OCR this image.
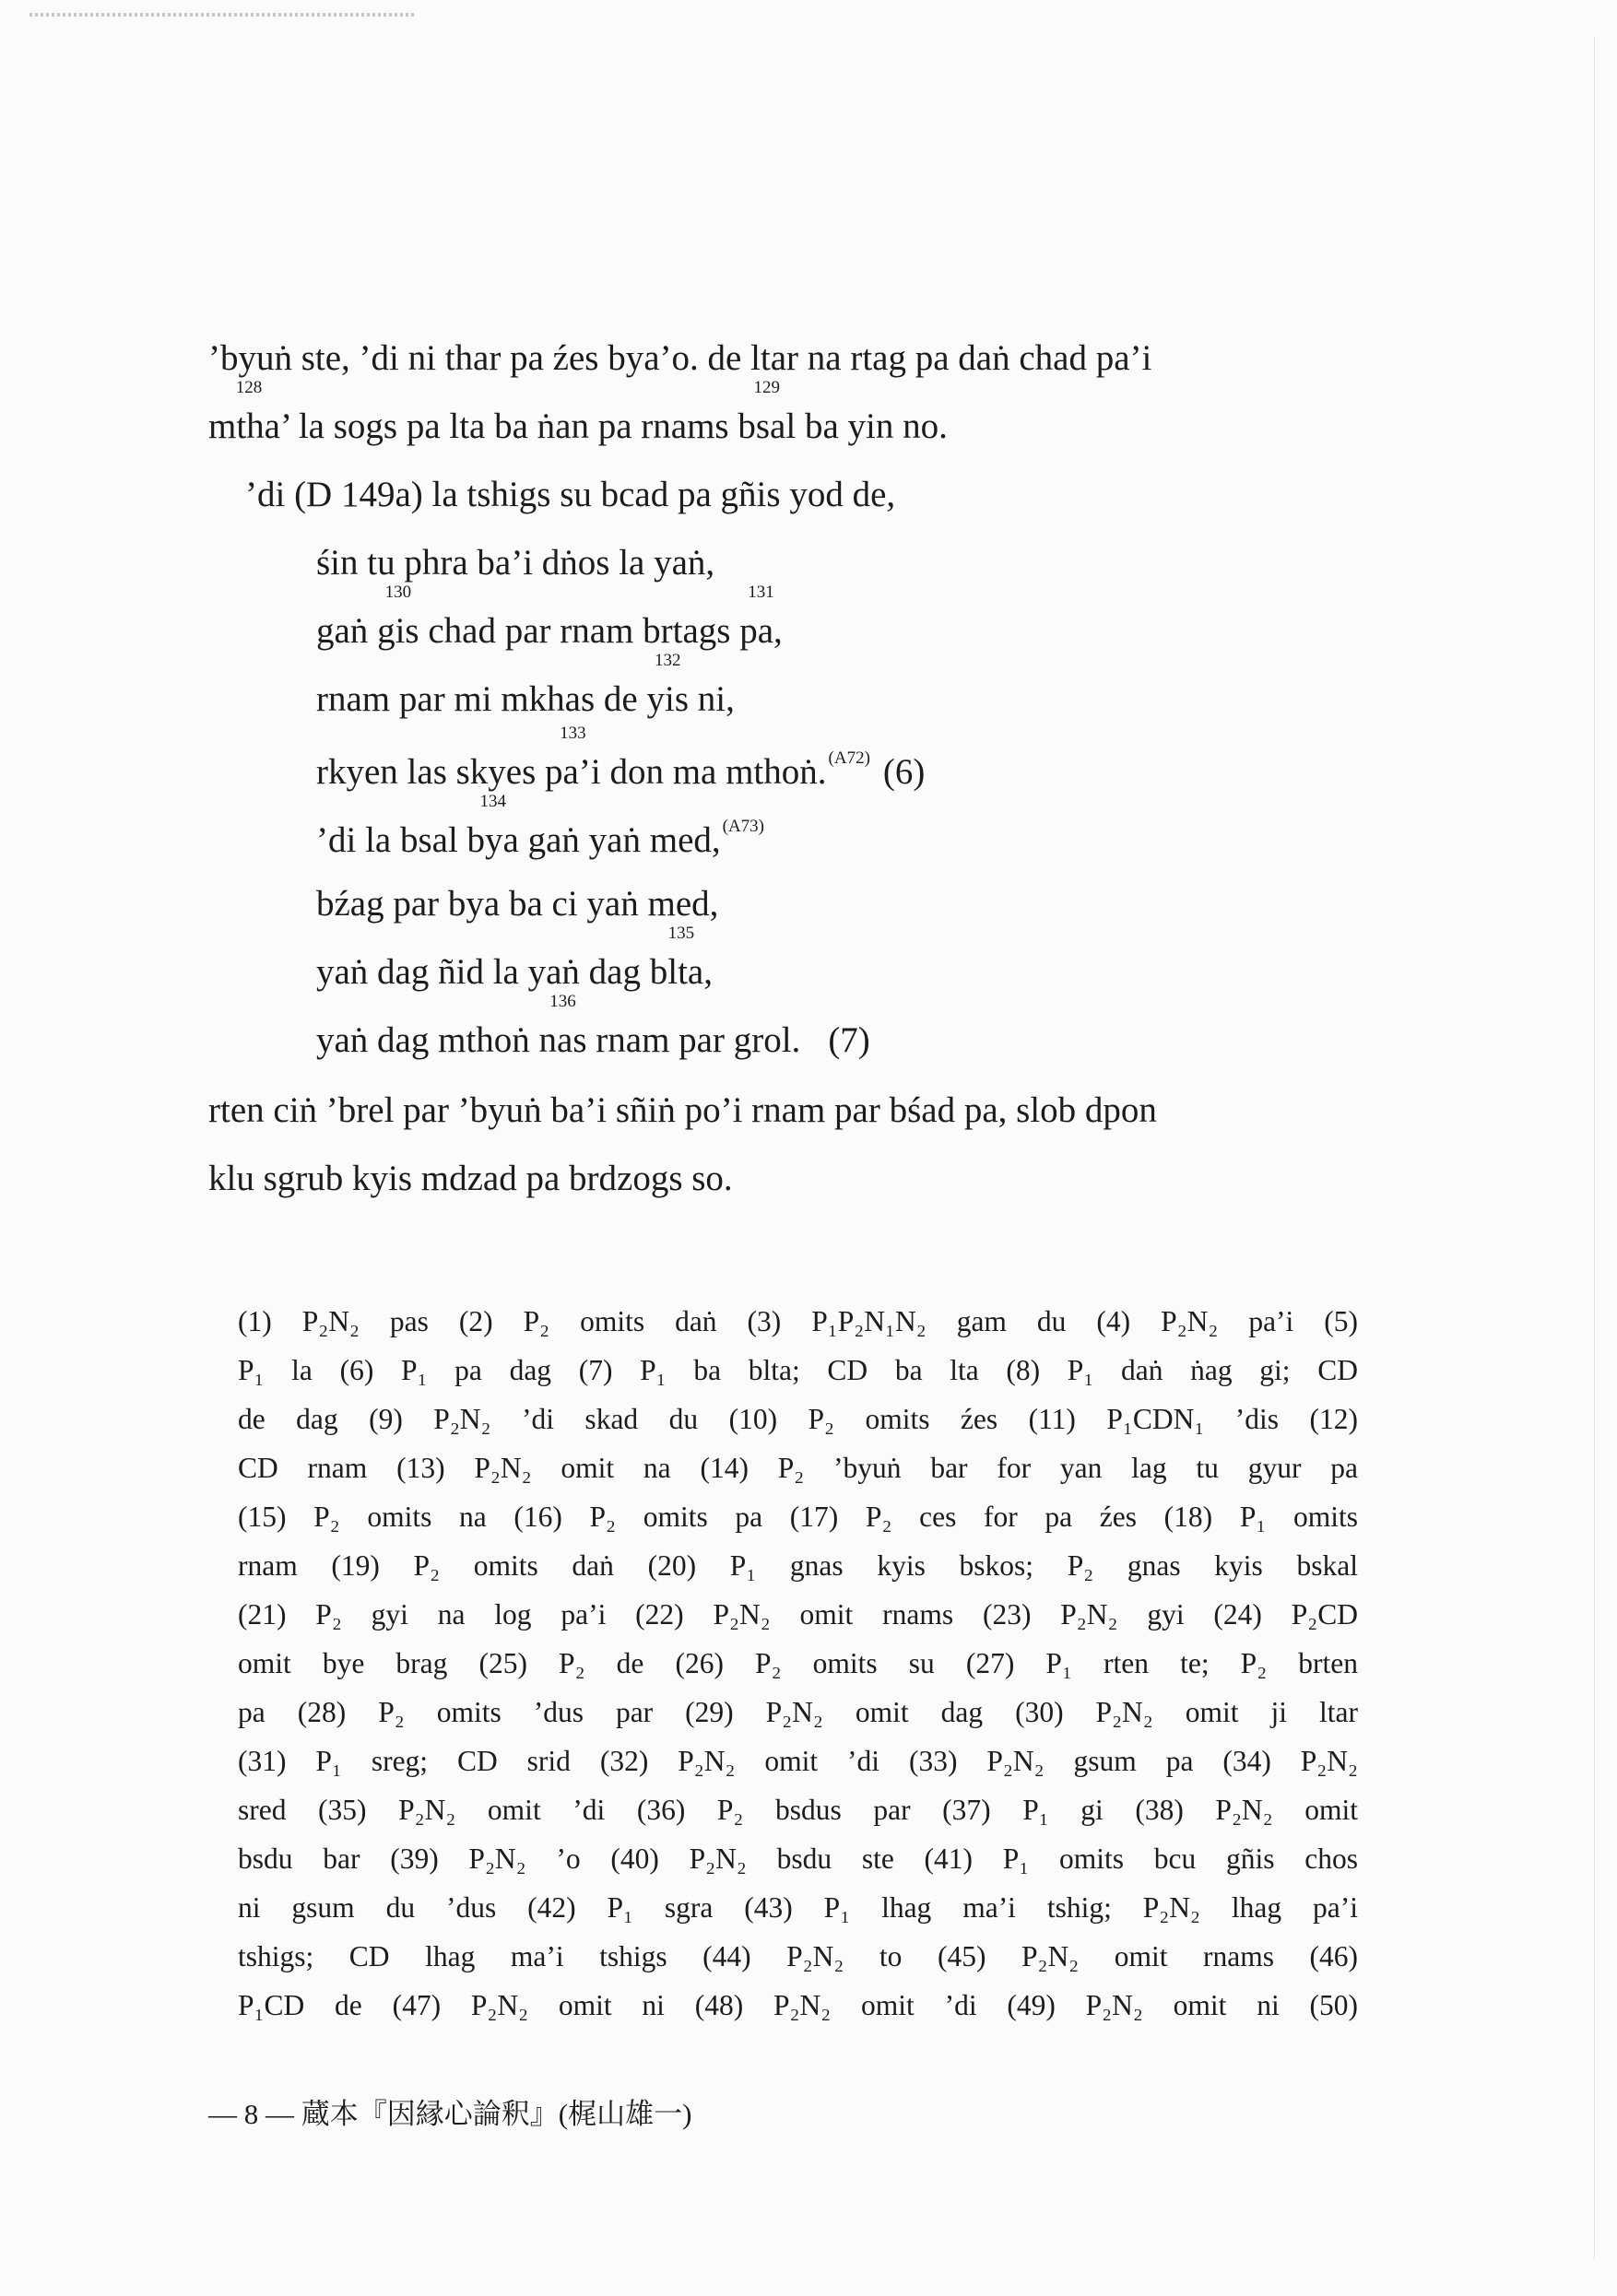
’byuṅ ste, ’di ni thar pa źes bya’o. de ltar na rtag pa daṅ chad pa’i
128
mtha’ la sogs pa lta ba ṅan pa rnams
129
bsal ba yin no.
’di (D 149a) la tshigs su bcad pa gñis yod de,
śin tu phra ba’i dṅos la yaṅ,
gaṅ
130
gis chad par rnam brtags
131
pa,
rnam par mi mkhas de
132
yis ni,
rkyen las skyes
133
pa’i don ma mthoṅ. $^{(A72)}$ (6)
’di la bsal
134
bya gaṅ yaṅ med, $^{(A73)}$
bźag par bya ba ci yaṅ med,
yaṅ dag ñid la yaṅ dag
135
blta,
yaṅ dag mthoṅ
136
nas rnam par grol. (7)
rten ciṅ ’brel par ’byuṅ ba’i sñiṅ po’i rnam par bśad pa, slob dpon
klu sgrub kyis mdzad pa brdzogs so.

(1) P₂N₂ pas (2) P₂ omits daṅ (3) P₁P₂N₁N₂ gam du (4) P₂N₂ pa’i (5)

P₁ la (6) P₁ pa dag (7) P₁ ba blta; CD ba lta (8) P₁ daṅ ṅag gi; CD

de dag (9) P₂N₂ ’di skad du (10) P₂ omits źes (11) P₁CDN₁ ’dis (12)

CD rnam (13) P₂N₂ omit na (14) P₂ ’byuṅ bar for yan lag tu gyur pa

(15) P₂ omits na (16) P₂ omits pa (17) P₂ ces for pa źes (18) P₁ omits

rnam (19) P₂ omits daṅ (20) P₁ gnas kyis bskos; P₂ gnas kyis bskal

(21) P₂ gyi na log pa’i (22) P₂N₂ omit rnams (23) P₂N₂ gyi (24) P₂CD

omit bye brag (25) P₂ de (26) P₂ omits su (27) P₁ rten te; P₂ brten

pa (28) P₂ omits ’dus par (29) P₂N₂ omit dag (30) P₂N₂ omit ji ltar

(31) P₁ sreg; CD srid (32) P₂N₂ omit ’di (33) P₂N₂ gsum pa (34) P₂N₂

sred (35) P₂N₂ omit ’di (36) P₂ bsdus par (37) P₁ gi (38) P₂N₂ omit

bsdu bar (39) P₂N₂ ’o (40) P₂N₂ bsdu ste (41) P₁ omits bcu gñis chos

ni gsum du ’dus (42) P₁ sgra (43) P₁ lhag ma’i tshig; P₂N₂ lhag pa’i

tshigs; CD lhag ma’i tshigs (44) P₂N₂ to (45) P₂N₂ omit rnams (46)

P₁CD de (47) P₂N₂ omit ni (48) P₂N₂ omit ’di (49) P₂N₂ omit ni (50)

— 8 — 蔵本『因縁心論釈』(梶山雄一)
